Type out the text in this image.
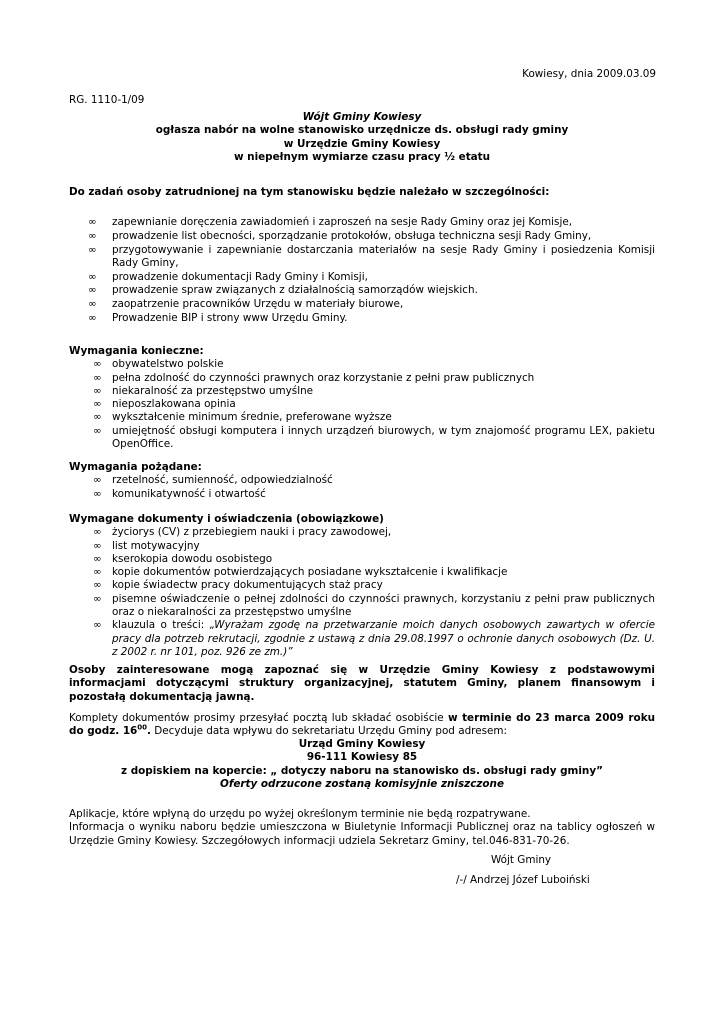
Kowiesy, dnia 2009.03.09
RG. 1110-1/09
Wójt Gminy Kowiesy
ogłasza nabór na wolne stanowisko urzędnicze ds. obsługi rady gminy
w Urzędzie Gminy Kowiesy
w niepełnym wymiarze czasu pracy ½ etatu
Do zadań osoby zatrudnionej na tym stanowisku będzie należało w szczególności:
∞ zapewnianie doręczenia zawiadomień i zaproszeń na sesje Rady Gminy oraz jej Komisje,
∞ prowadzenie list obecności, sporządzanie protokołów, obsługa techniczna sesji Rady Gminy,
∞ przygotowywanie i zapewnianie dostarczania materiałów na sesje Rady Gminy i posiedzenia Komisji Rady Gminy,
∞ prowadzenie dokumentacji Rady Gminy i Komisji,
∞ prowadzenie spraw związanych z działalnością samorządów wiejskich.
∞ zaopatrzenie pracowników Urzędu w materiały biurowe,
∞ Prowadzenie BIP i strony www Urzędu Gminy.
Wymagania konieczne:
∞ obywatelstwo polskie
∞ pełna zdolność do czynności prawnych oraz korzystanie z pełni praw publicznych
∞ niekaralność za przestępstwo umyślne
∞ nieposzlakowana opinia
∞ wykształcenie minimum średnie, preferowane wyższe
∞ umiejętność obsługi komputera i innych urządzeń biurowych, w tym znajomość programu LEX, pakietu OpenOffice.
Wymagania pożądane:
∞ rzetelność, sumienność, odpowiedzialność
∞ komunikatywność i otwartość
Wymagane dokumenty i oświadczenia (obowiązkowe)
∞ życiorys (CV) z przebiegiem nauki i pracy zawodowej,
∞ list motywacyjny
∞ kserokopia dowodu osobistego
∞ kopie dokumentów potwierdzających posiadane wykształcenie i kwalifikacje
∞ kopie świadectw pracy dokumentujących staż pracy
∞ pisemne oświadczenie o pełnej zdolności do czynności prawnych, korzystaniu z pełni praw publicznych oraz o niekaralności za przestępstwo umyślne
∞ klauzula o treści: „Wyrażam zgodę na przetwarzanie moich danych osobowych zawartych w ofercie pracy dla potrzeb rekrutacji, zgodnie z ustawą z dnia 29.08.1997 o ochronie danych osobowych (Dz. U. z 2002 r. nr 101, poz. 926 ze zm.)”
Osoby zainteresowane mogą zapoznać się w Urzędzie Gminy Kowiesy z podstawowymi informacjami dotyczącymi struktury organizacyjnej, statutem Gminy, planem finansowym i pozostałą dokumentacją jawną.
Komplety dokumentów prosimy przesyłać pocztą lub składać osobiście w terminie do 23 marca 2009 roku do godz. $16^{00}$. Decyduje data wpływu do sekretariatu Urzędu Gminy pod adresem:
Urząd Gminy Kowiesy
96-111 Kowiesy 85
z dopiskiem na kopercie: „ dotyczy naboru na stanowisko ds. obsługi rady gminy”
Oferty odrzucone zostaną komisyjnie zniszczone
Aplikacje, które wpłyną do urzędu po wyżej określonym terminie nie będą rozpatrywane.
Informacja o wyniku naboru będzie umieszczona w Biuletynie Informacji Publicznej oraz na tablicy ogłoszeń w Urzędzie Gminy Kowiesy. Szczegółowych informacji udziela Sekretarz Gminy, tel.046-831-70-26.
Wójt Gminy
/-/ Andrzej Józef Luboiński
